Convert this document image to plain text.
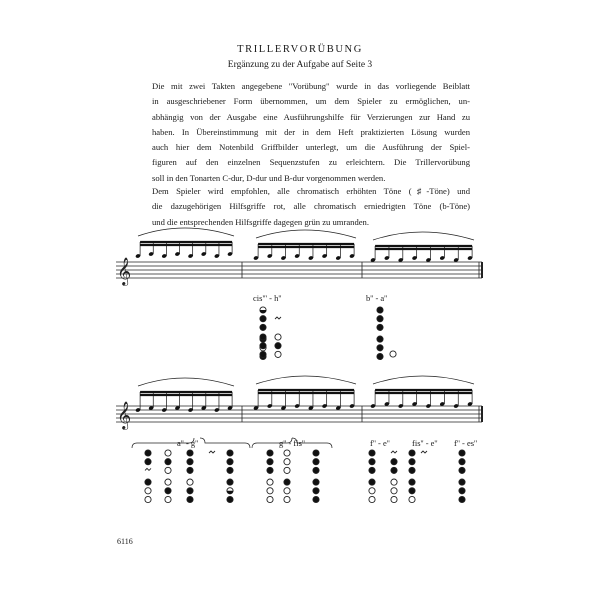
TRILLERVORÜBUNG
Ergänzung zu der Aufgabe auf Seite 3
Die mit zwei Takten angegebene "Vorübung" wurde in das vorliegende Beiblatt
in ausgeschriebener Form übernommen, um dem Spieler zu ermöglichen, un-
abhängig von der Ausgabe eine Ausführungshilfe für Verzierungen zur Hand zu
haben. In Übereinstimmung mit der in dem Heft praktizierten Lösung wurden
auch hier dem Notenbild Griffbilder unterlegt, um die Ausführung der Spiel-
figuren auf den einzelnen Sequenzstufen zu erleichtern. Die Trillervorübung
soll in den Tonarten C-dur, D-dur und B-dur vorgenommen werden.
Dem Spieler wird empfohlen, alle chromatisch erhöhten Töne (♯-Töne) und
die dazugehörigen Hilfsgriffe rot, alle chromatisch erniedrigten Töne (b-Töne)
und die entsprechenden Hilfsgriffe dagegen grün zu umranden.
𝄞
𝄞
cis''' - h''	b'' - a''
a'' - g''	g'' - fis''	f'' - e''	fis'' - e'' f'' - es''
6116
